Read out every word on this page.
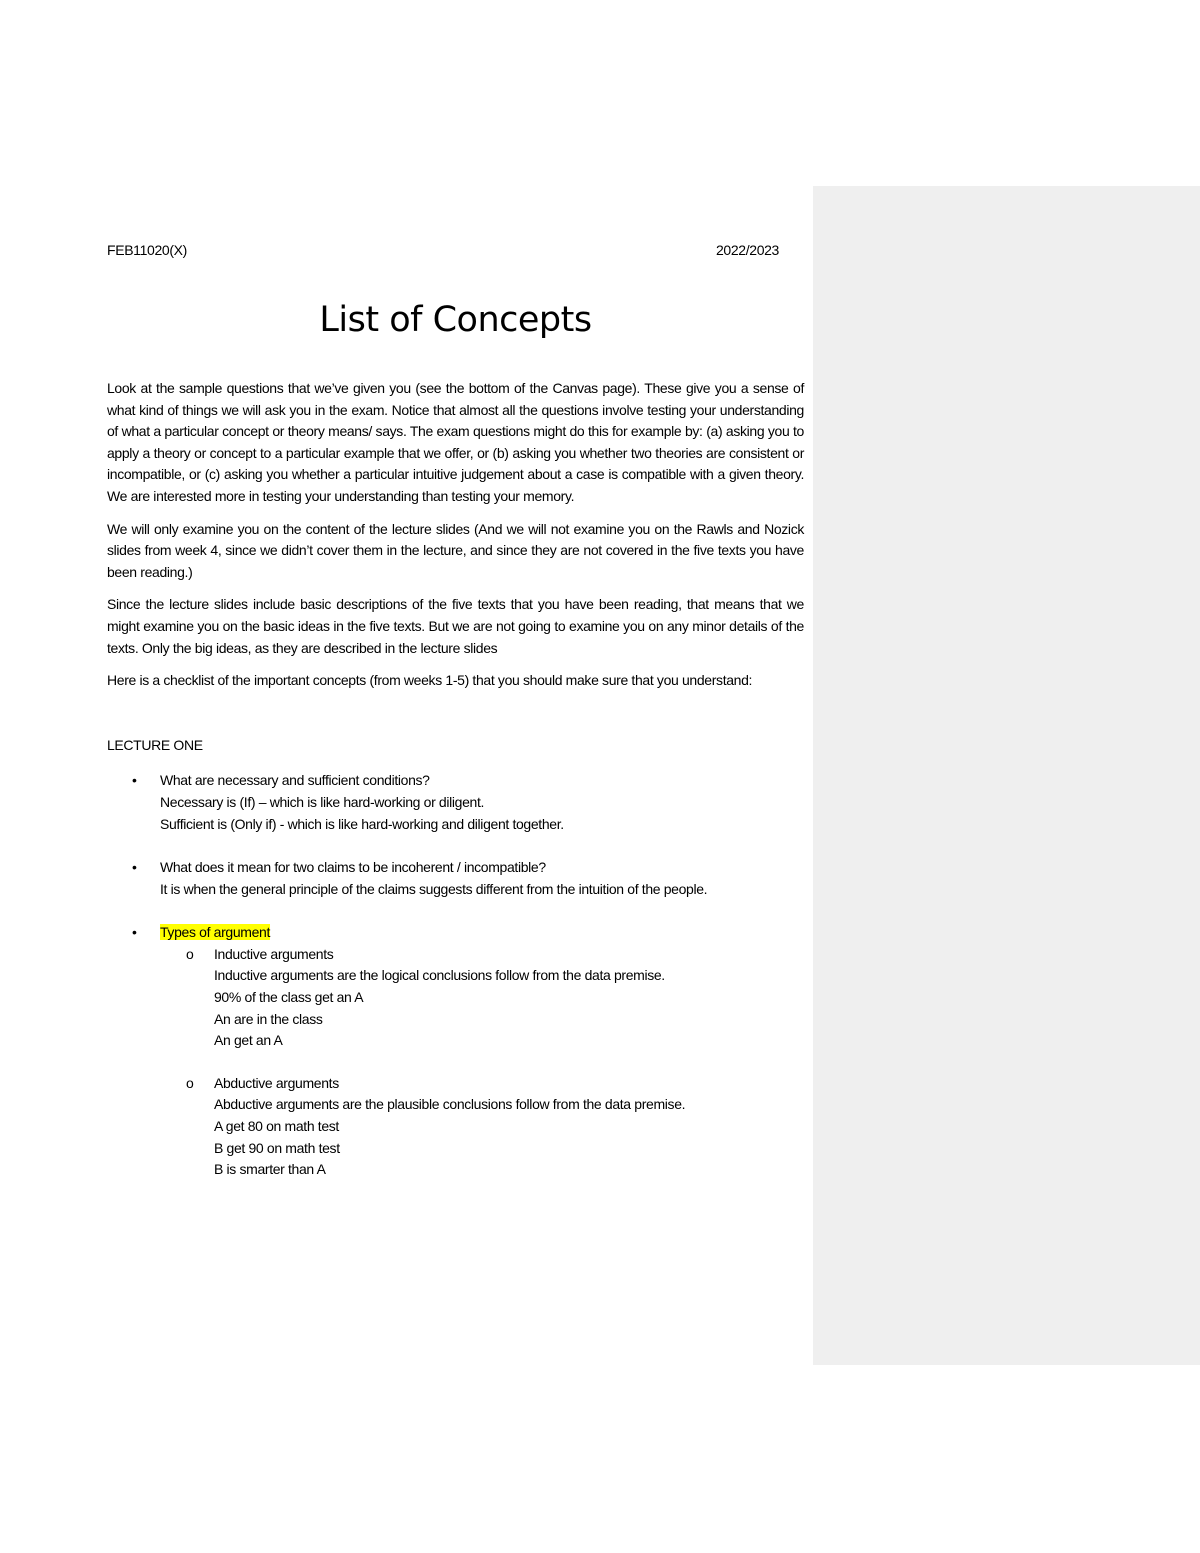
FEB11020(X)	2022/2023
List of Concepts

Look at the sample questions that we’ve given you (see the bottom of the Canvas page). These give you a sense of what kind of things we will ask you in the exam. Notice that almost all the questions involve testing your understanding of what a particular concept or theory means/ says. The exam questions might do this for example by: (a) asking you to apply a theory or concept to a particular example that we offer, or (b) asking you whether two theories are consistent or incompatible, or (c) asking you whether a particular intuitive judgement about a case is compatible with a given theory. We are interested more in testing your understanding than testing your memory.

We will only examine you on the content of the lecture slides (And we will not examine you on the Rawls and Nozick slides from week 4, since we didn’t cover them in the lecture, and since they are not covered in the five texts you have been reading.)

Since the lecture slides include basic descriptions of the five texts that you have been reading, that means that we might examine you on the basic ideas in the five texts. But we are not going to examine you on any minor details of the texts. Only the big ideas, as they are described in the lecture slides

Here is a checklist of the important concepts (from weeks 1-5) that you should make sure that you understand:

LECTURE ONE
• What are necessary and sufficient conditions?
Necessary is (If) – which is like hard-working or diligent.
Sufficient is (Only if) - which is like hard-working and diligent together.
• What does it mean for two claims to be incoherent / incompatible?
It is when the general principle of the claims suggests different from the intuition of the people.
• Types of argument
o Inductive arguments
Inductive arguments are the logical conclusions follow from the data premise.
90% of the class get an A
An are in the class
An get an A
o Abductive arguments
Abductive arguments are the plausible conclusions follow from the data premise.
A get 80 on math test
B get 90 on math test
B is smarter than A
